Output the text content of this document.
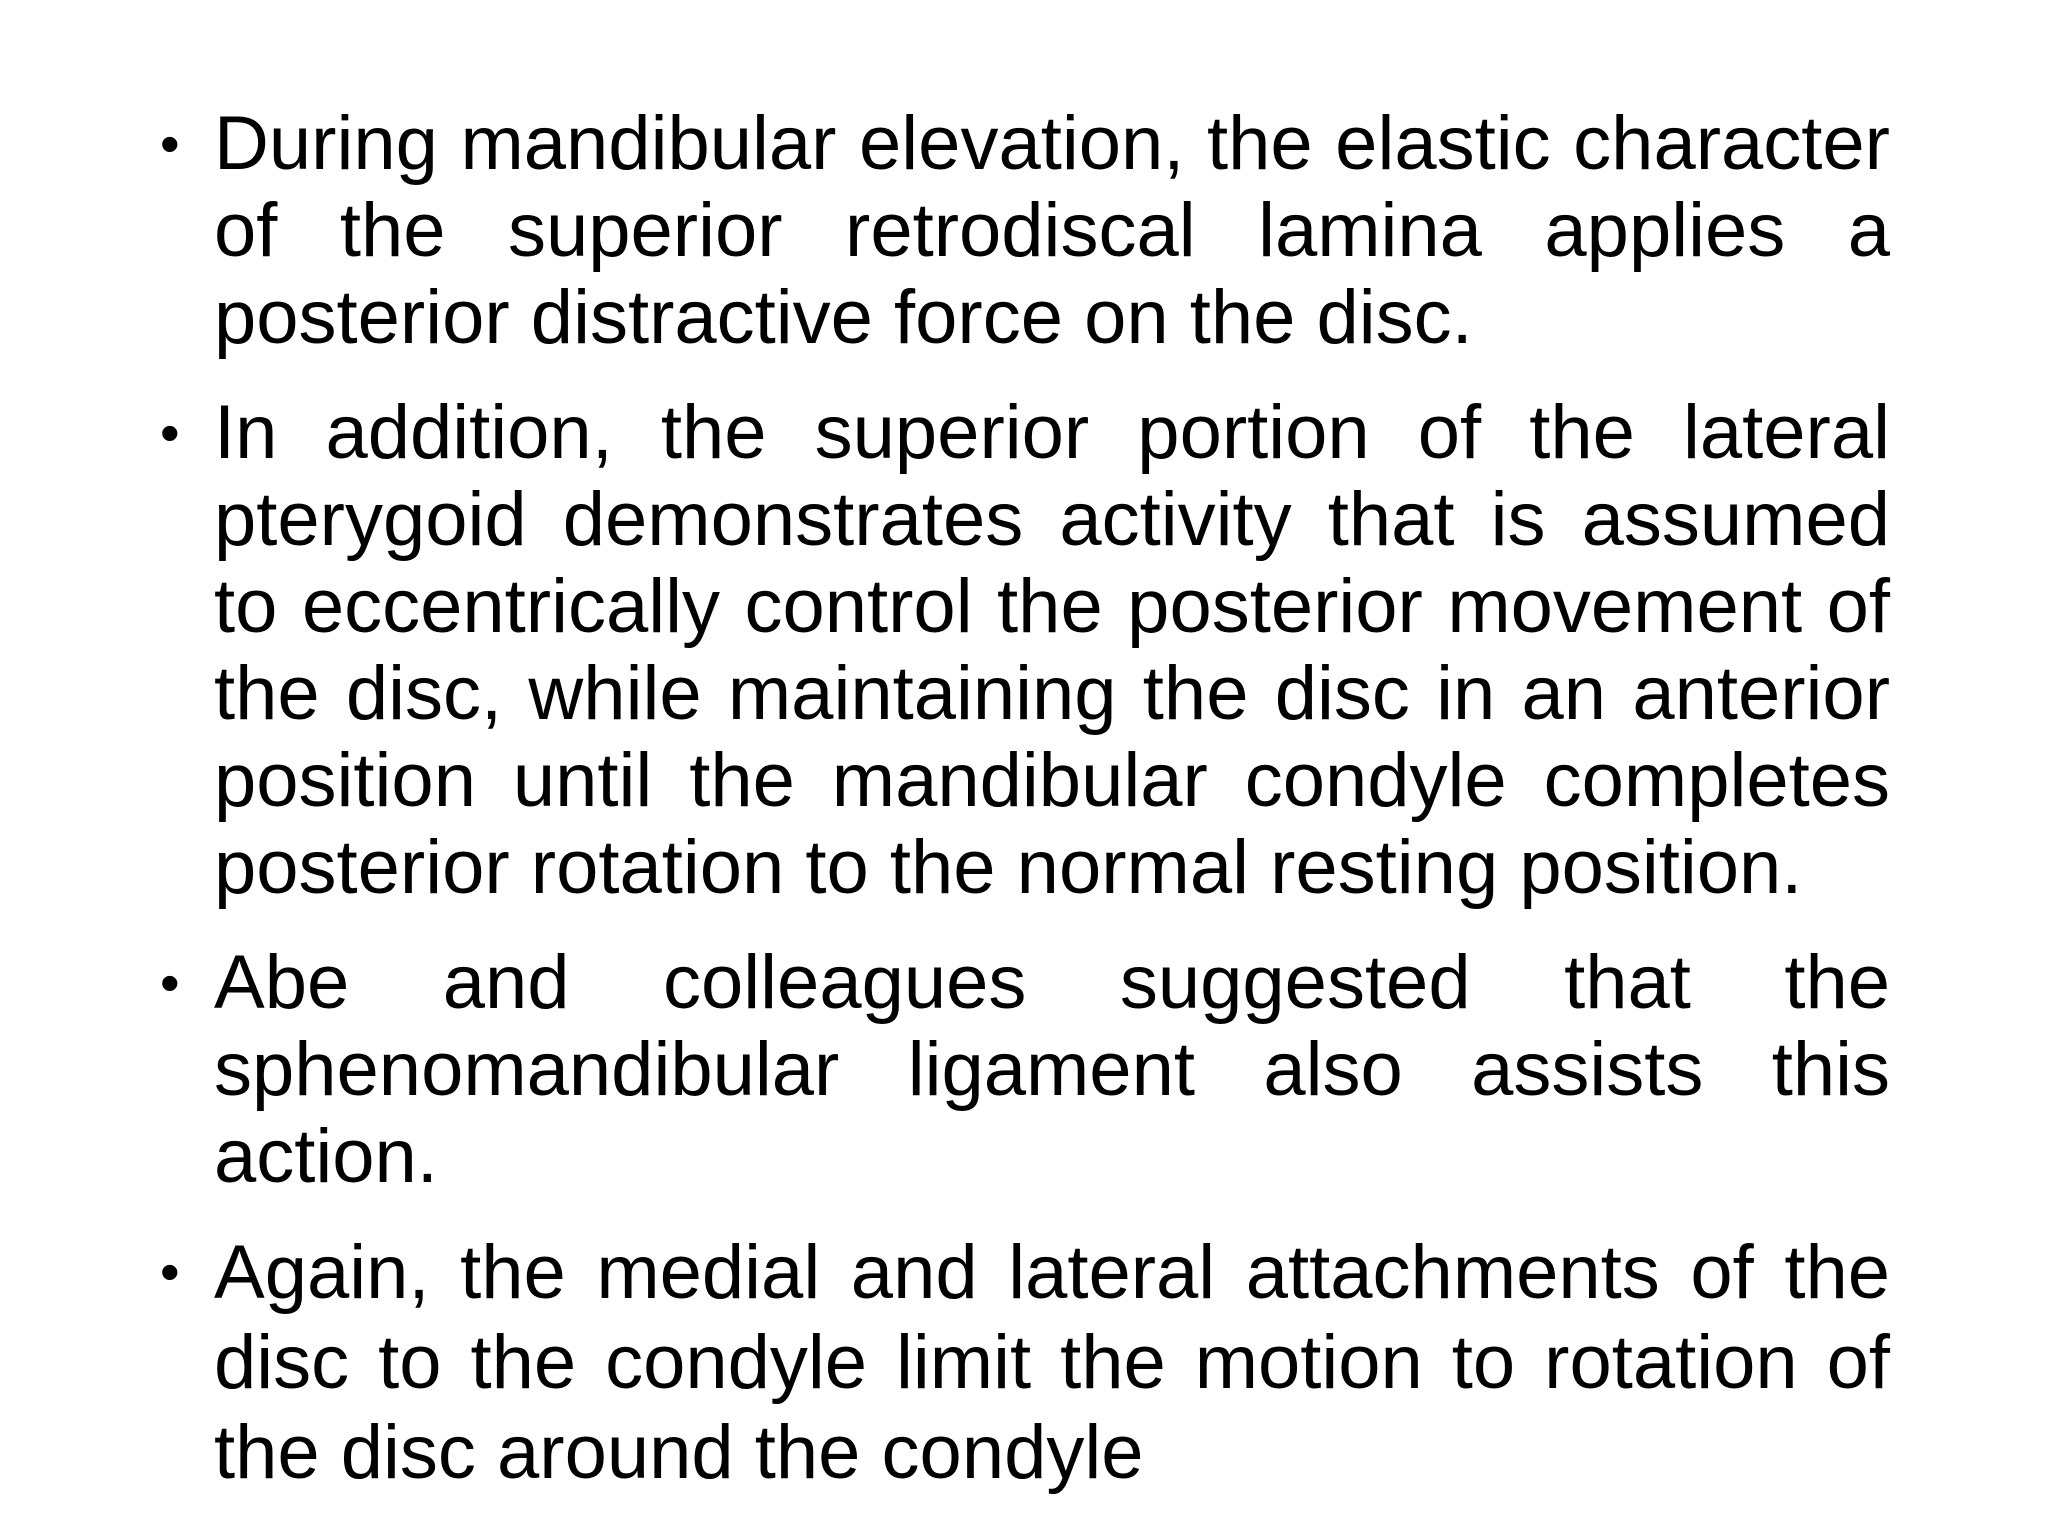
• During mandibular elevation, the elastic character of the superior retrodiscal lamina applies a posterior distractive force on the disc.
• In addition, the superior portion of the lateral pterygoid demonstrates activity that is assumed to eccentrically control the posterior movement of the disc, while maintaining the disc in an anterior position until the mandibular condyle completes posterior rotation to the normal resting position.
• Abe and colleagues suggested that the sphenomandibular ligament also assists this action.
• Again, the medial and lateral attachments of the disc to the condyle limit the motion to rotation of the disc around the condyle
